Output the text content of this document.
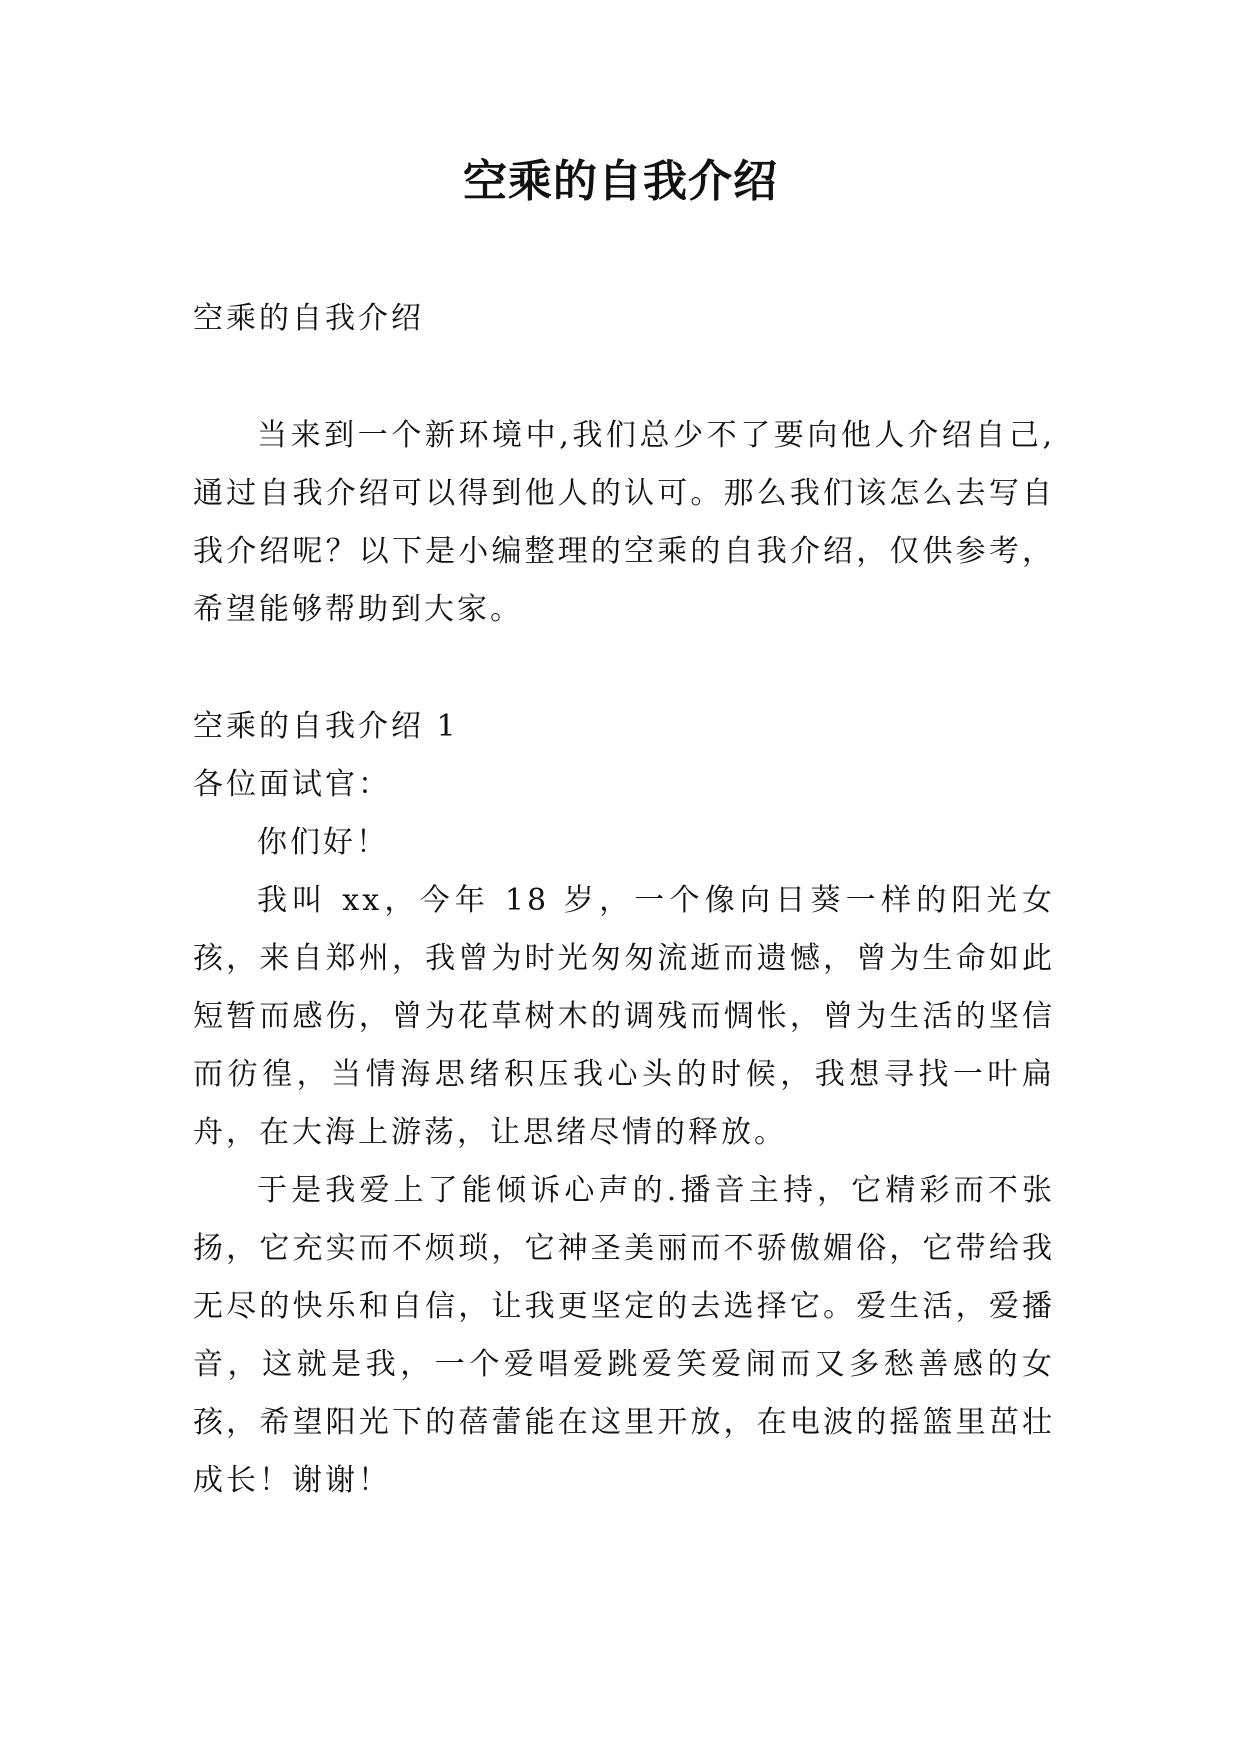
空乘的自我介绍
空乘的自我介绍
当来到一个新环境中,我们总少不了要向他人介绍自己,通过自我介绍可以得到他人的认可。那么我们该怎么去写自我介绍呢？以下是小编整理的空乘的自我介绍，仅供参考，希望能够帮助到大家。
空乘的自我介绍 1
各位面试官：
你们好！
我叫 xx，今年 18 岁，一个像向日葵一样的阳光女孩，来自郑州，我曾为时光匆匆流逝而遗憾，曾为生命如此短暂而感伤，曾为花草树木的调残而惆怅，曾为生活的坚信而彷徨，当情海思绪积压我心头的时候，我想寻找一叶扁舟，在大海上游荡，让思绪尽情的释放。
于是我爱上了能倾诉心声的.播音主持，它精彩而不张扬，它充实而不烦琐，它神圣美丽而不骄傲媚俗，它带给我无尽的快乐和自信，让我更坚定的去选择它。爱生活，爱播音，这就是我，一个爱唱爱跳爱笑爱闹而又多愁善感的女孩，希望阳光下的蓓蕾能在这里开放，在电波的摇篮里茁壮成长！谢谢！
